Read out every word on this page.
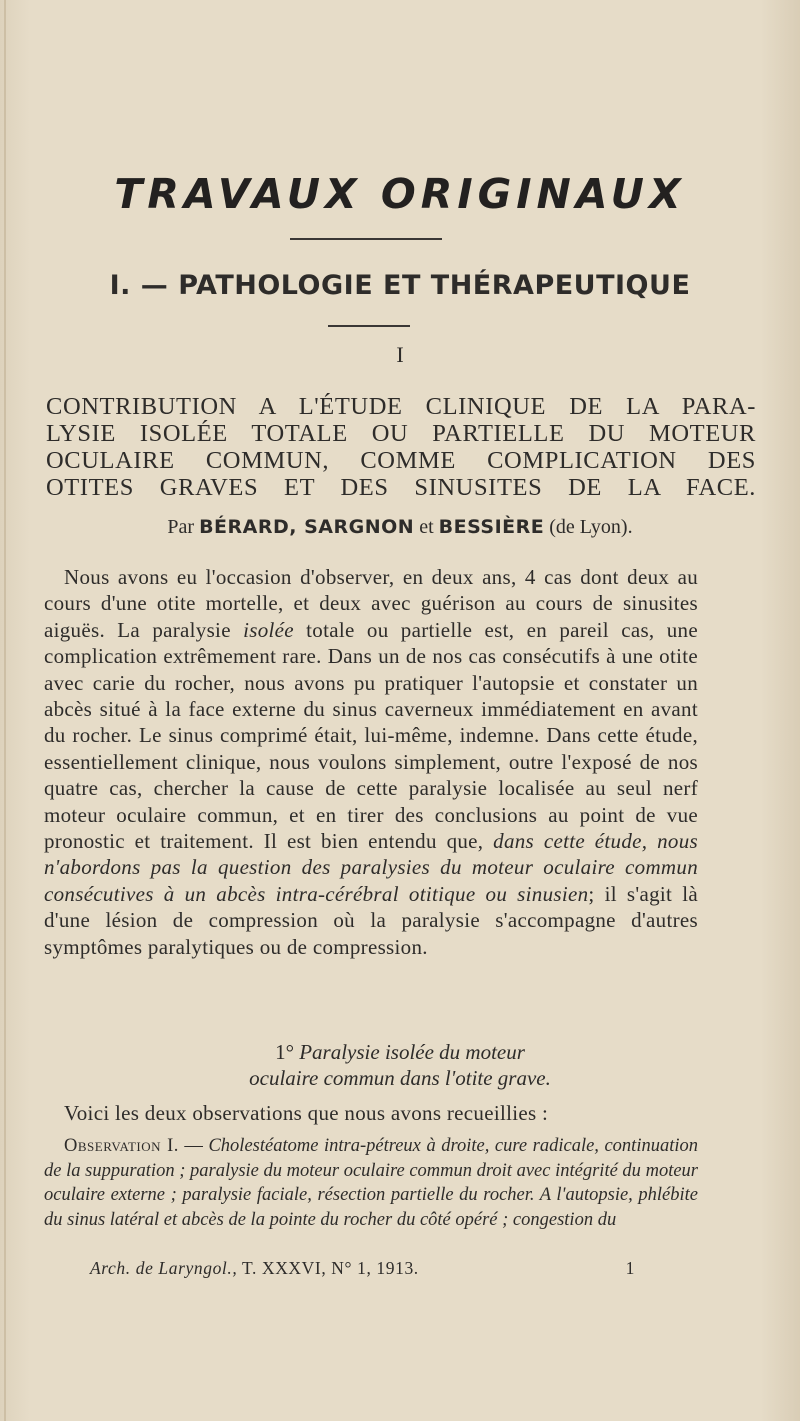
TRAVAUX ORIGINAUX
I. — PATHOLOGIE ET THÉRAPEUTIQUE
I
CONTRIBUTION A L'ÉTUDE CLINIQUE DE LA PARA-
LYSIE ISOLÉE TOTALE OU PARTIELLE DU MOTEUR
OCULAIRE COMMUN, COMME COMPLICATION DES
OTITES GRAVES ET DES SINUSITES DE LA FACE.
Par BÉRARD, SARGNON et BESSIÈRE (de Lyon).
Nous avons eu l'occasion d'observer, en deux ans, 4 cas dont deux au cours d'une otite mortelle, et deux avec guérison au cours de sinusites aiguës. La paralysie isolée totale ou partielle est, en pareil cas, une complication extrêmement rare. Dans un de nos cas consécutifs à une otite avec carie du rocher, nous avons pu pratiquer l'autopsie et constater un abcès situé à la face externe du sinus caverneux immédiatement en avant du rocher. Le sinus comprimé était, lui-même, indemne. Dans cette étude, essentiellement clinique, nous voulons simplement, outre l'exposé de nos quatre cas, chercher la cause de cette paralysie localisée au seul nerf moteur oculaire commun, et en tirer des conclusions au point de vue pronostic et traitement. Il est bien entendu que, dans cette étude, nous n'abordons pas la question des paralysies du moteur oculaire commun consécutives à un abcès intra-cérébral otitique ou sinusien; il s'agit là d'une lésion de compression où la paralysie s'accompagne d'autres symptômes paralytiques ou de compression.
1° Paralysie isolée du moteur
oculaire commun dans l'otite grave.
Voici les deux observations que nous avons recueillies :
Observation I. — Cholestéatome intra-pétreux à droite, cure radicale, continuation de la suppuration ; paralysie du moteur oculaire commun droit avec intégrité du moteur oculaire externe ; paralysie faciale, résection partielle du rocher. A l'autopsie, phlébite du sinus latéral et abcès de la pointe du rocher du côté opéré ; congestion du
Arch. de Laryngol., T. XXXVI, N° 1, 1913.	1
